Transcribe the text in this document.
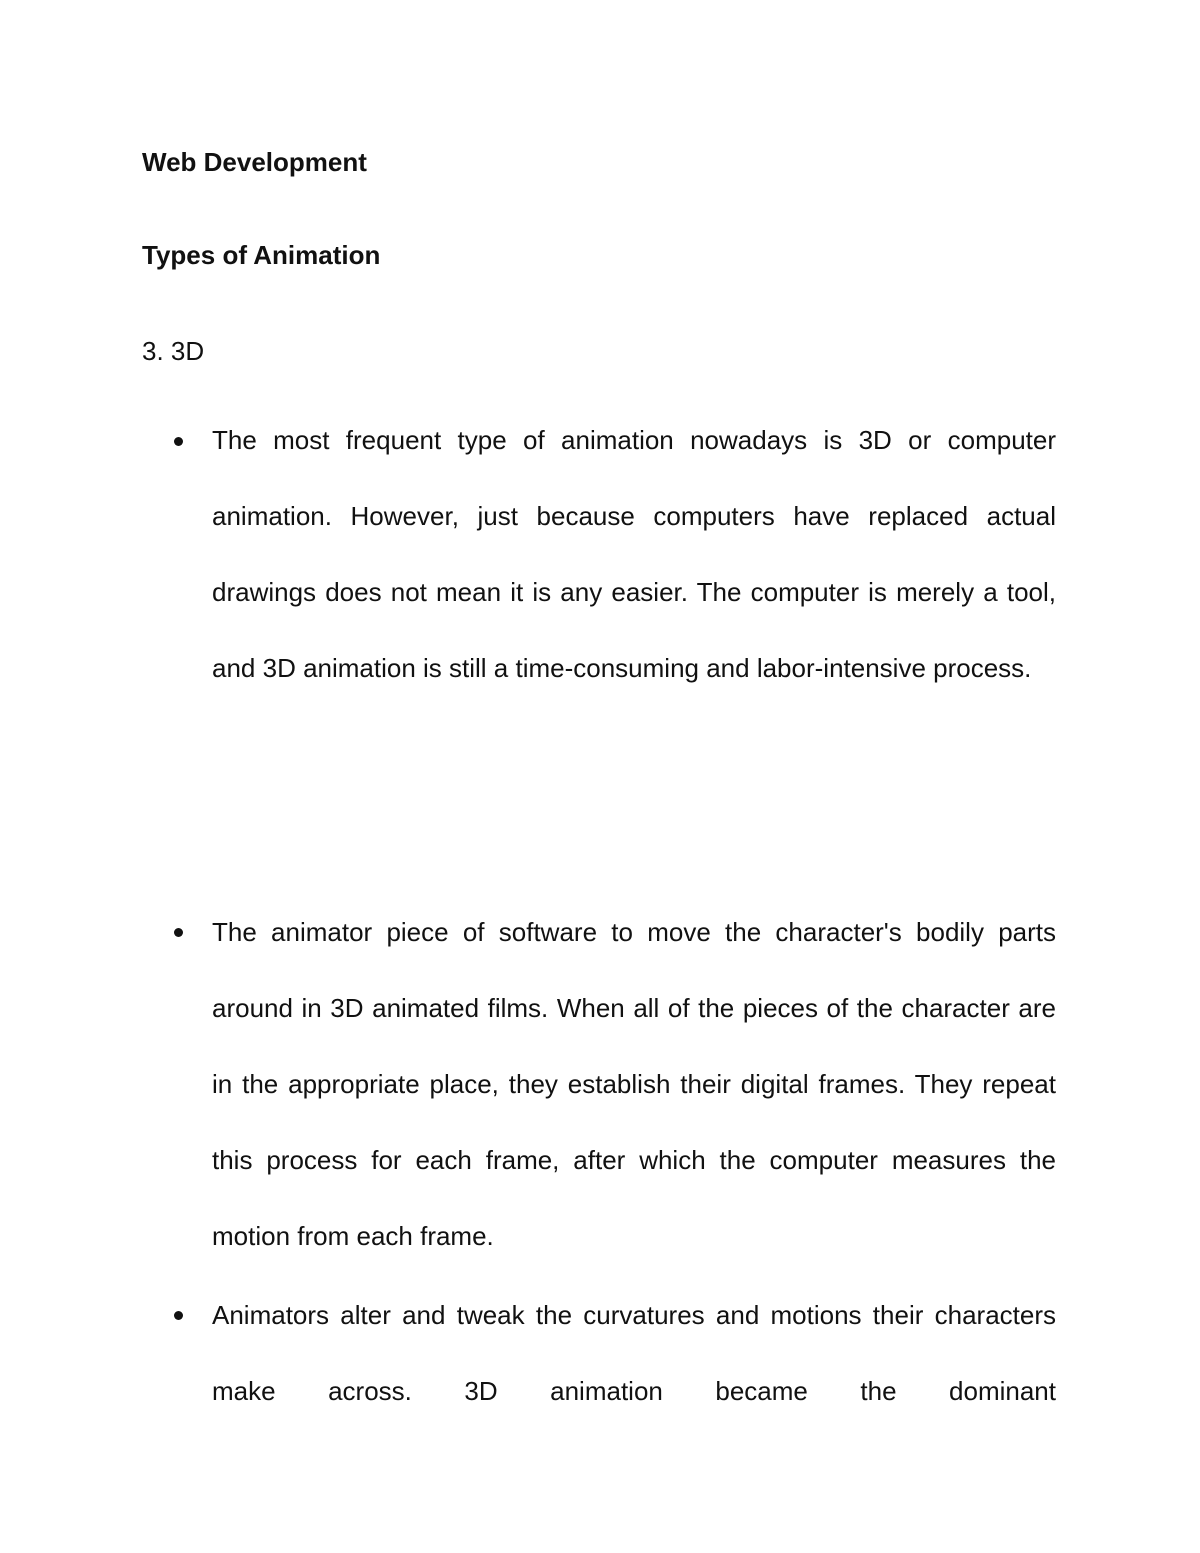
Web Development
Types of Animation
3. 3D

The most frequent type of animation nowadays is 3D or computer animation. However, just because computers have replaced actual drawings does not mean it is any easier. The computer is merely a tool, and 3D animation is still a time-consuming and labor-intensive process.

The animator piece of software to move the character's bodily parts around in 3D animated films. When all of the pieces of the character are in the appropriate place, they establish their digital frames. They repeat this process for each frame, after which the computer measures the motion from each frame.

Animators alter and tweak the curvatures and motions their characters make across. 3D animation became the dominant
